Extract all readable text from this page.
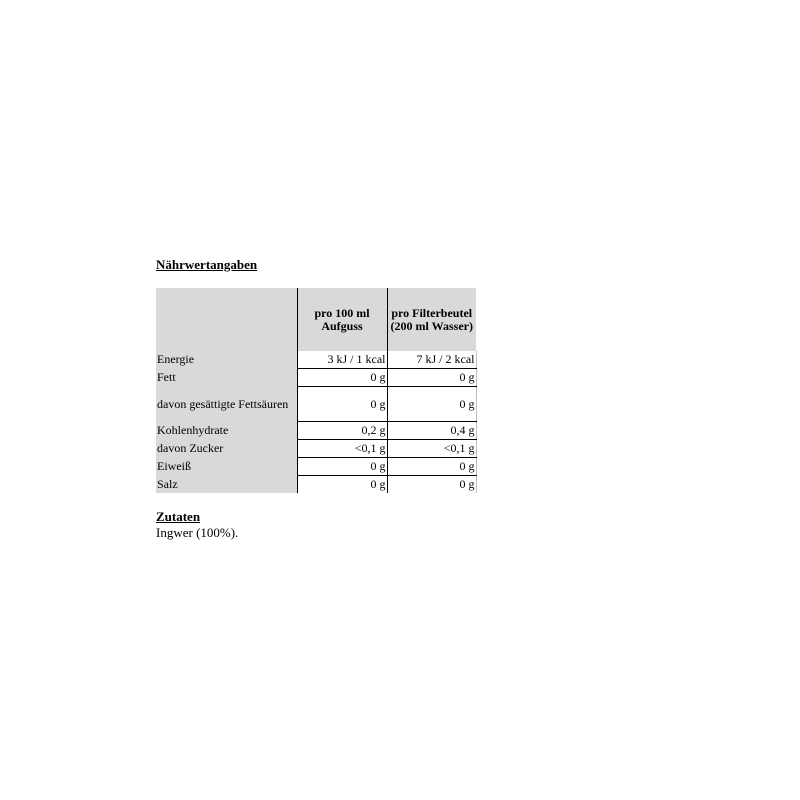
Nährwertangaben

	pro 100 ml Aufguss	pro Filterbeutel (200 ml Wasser)
Energie	3 kJ / 1 kcal	7 kJ / 2 kcal
Fett	0 g	0 g
davon gesättigte Fettsäuren	0 g	0 g
Kohlenhydrate	0,2 g	0,4 g
davon Zucker	<0,1 g	<0,1 g
Eiweiß	0 g	0 g
Salz	0 g	0 g

Zutaten

Ingwer (100%).
